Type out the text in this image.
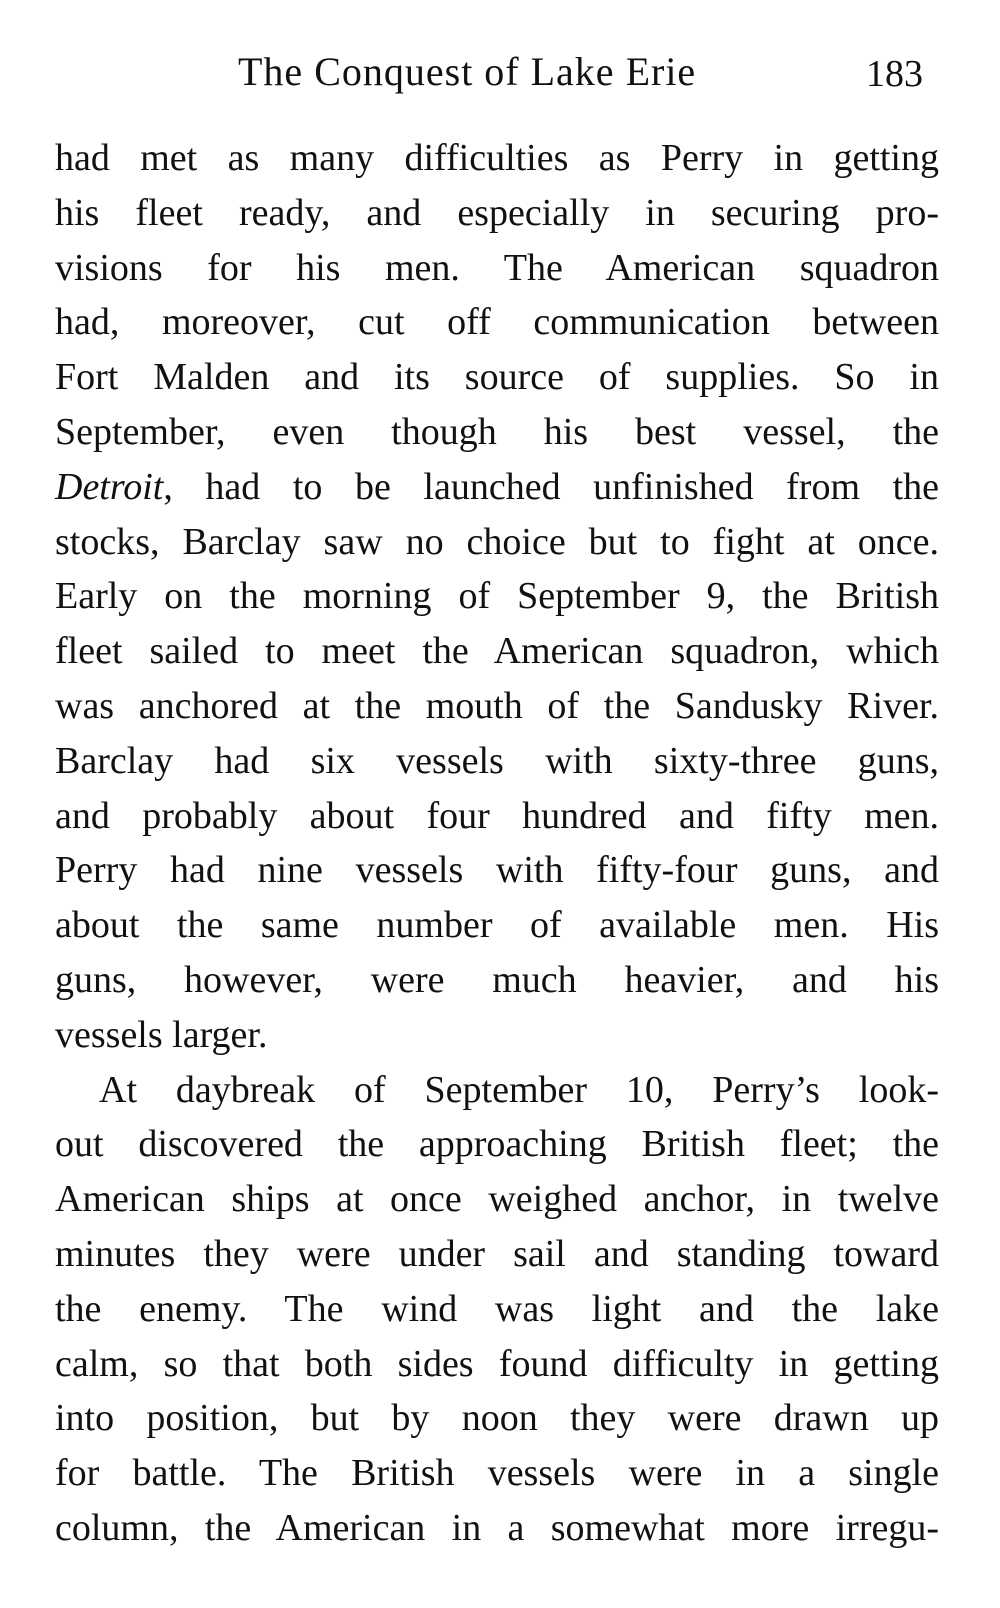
The Conquest of Lake Erie	183
had met as many difficulties as Perry in getting
his fleet ready, and especially in securing pro-
visions for his men. The American squadron
had, moreover, cut off communication between
Fort Malden and its source of supplies. So in
September, even though his best vessel, the
Detroit, had to be launched unfinished from the
stocks, Barclay saw no choice but to fight at once.
Early on the morning of September 9, the British
fleet sailed to meet the American squadron, which
was anchored at the mouth of the Sandusky River.
Barclay had six vessels with sixty-three guns,
and probably about four hundred and fifty men.
Perry had nine vessels with fifty-four guns, and
about the same number of available men. His
guns, however, were much heavier, and his
vessels larger.
At daybreak of September 10, Perry’s look-
out discovered the approaching British fleet; the
American ships at once weighed anchor, in twelve
minutes they were under sail and standing toward
the enemy. The wind was light and the lake
calm, so that both sides found difficulty in getting
into position, but by noon they were drawn up
for battle. The British vessels were in a single
column, the American in a somewhat more irregu-
